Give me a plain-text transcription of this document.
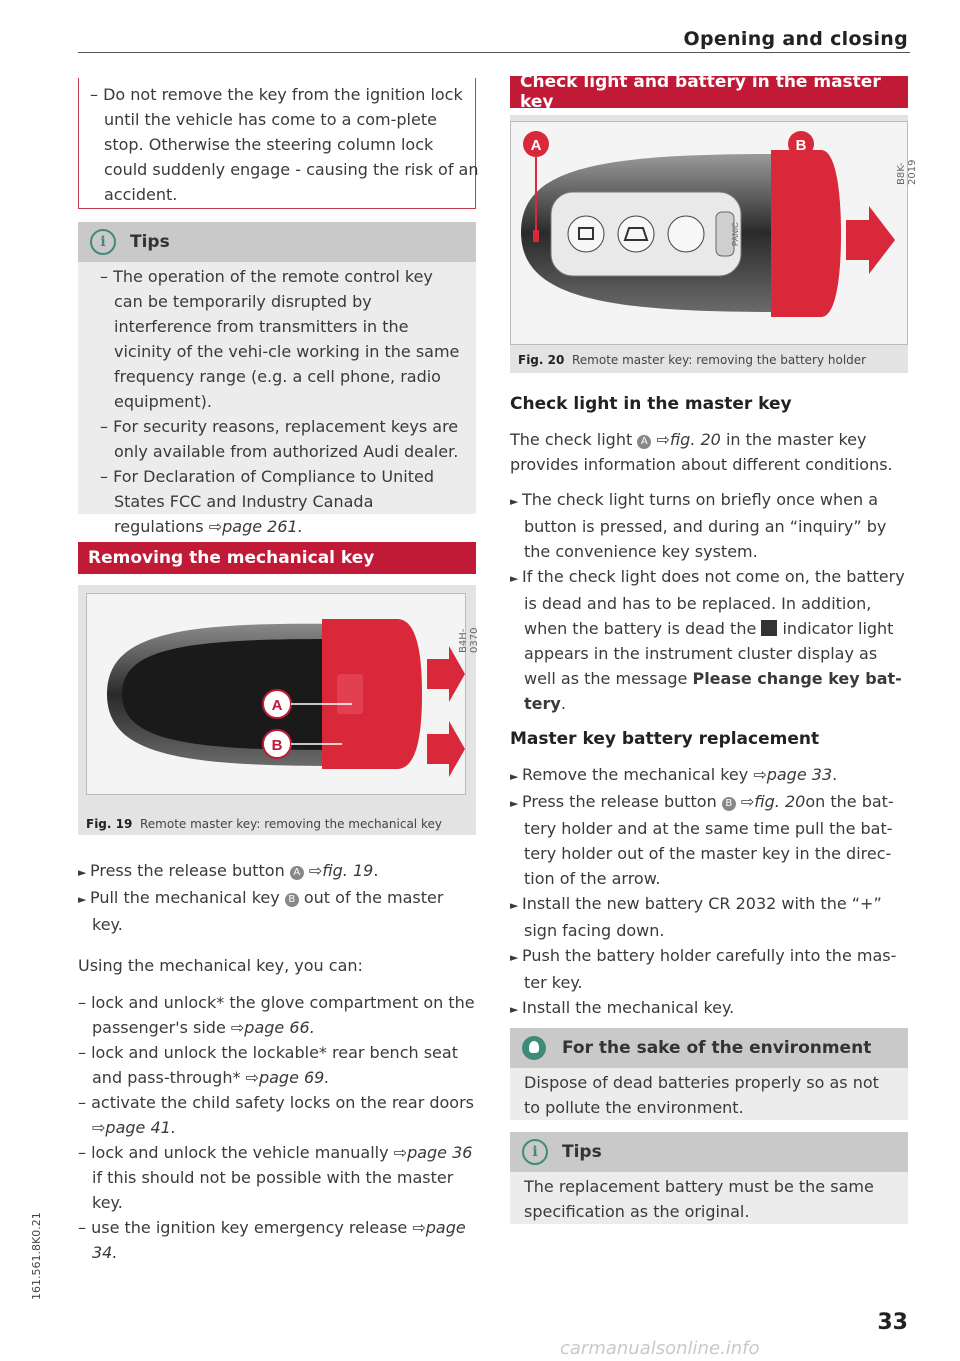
Opening and closing

– Do not remove the key from the ignition lock until the vehicle has come to a com-plete stop. Otherwise the steering column lock could suddenly engage - causing the risk of an accident.

i	Tips

– The operation of the remote control key can be temporarily disrupted by interference from transmitters in the vicinity of the vehi-cle working in the same frequency range (e.g. a cell phone, radio equipment).

– For security reasons, replacement keys are only available from authorized Audi dealer.

– For Declaration of Compliance to United States FCC and Industry Canada regulations ⇨page 261.

Removing the mechanical key
A
B
B4H-0370
Fig. 19 Remote master key: removing the mechanical key

► Press the release button A ⇨fig. 19.

► Pull the mechanical key B out of the master key.

Using the mechanical key, you can:

– lock and unlock* the glove compartment on the passenger's side ⇨page 66.

– lock and unlock the lockable* rear bench seat and pass-through* ⇨page 69.

– activate the child safety locks on the rear doors ⇨page 41.

– lock and unlock the vehicle manually ⇨page 36 if this should not be possible with the master key.

– use the ignition key emergency release ⇨page 34.

Check light and battery in the master key
PANIC
A	B
B8K-2019
Fig. 20 Remote master key: removing the battery holder
Check light in the master key

The check light A ⇨fig. 20 in the master key provides information about different conditions.

► The check light turns on briefly once when a button is pressed, and during an “inquiry” by the convenience key system.

► If the check light does not come on, the battery is dead and has to be replaced. In addition, when the battery is dead the  indicator light appears in the instrument cluster display as well as the message Please change key bat-tery.

Master key battery replacement

► Remove the mechanical key ⇨page 33.

► Press the release button B ⇨fig. 20on the bat-tery holder and at the same time pull the bat-tery holder out of the master key in the direc-tion of the arrow.

► Install the new battery CR 2032 with the “+” sign facing down.

► Push the battery holder carefully into the mas-ter key.

► Install the mechanical key.

For the sake of the environment
Dispose of dead batteries properly so as not to pollute the environment.
i	Tips
The replacement battery must be the same specification as the original.
33
161.561.8K0.21
carmanualsonline.info
